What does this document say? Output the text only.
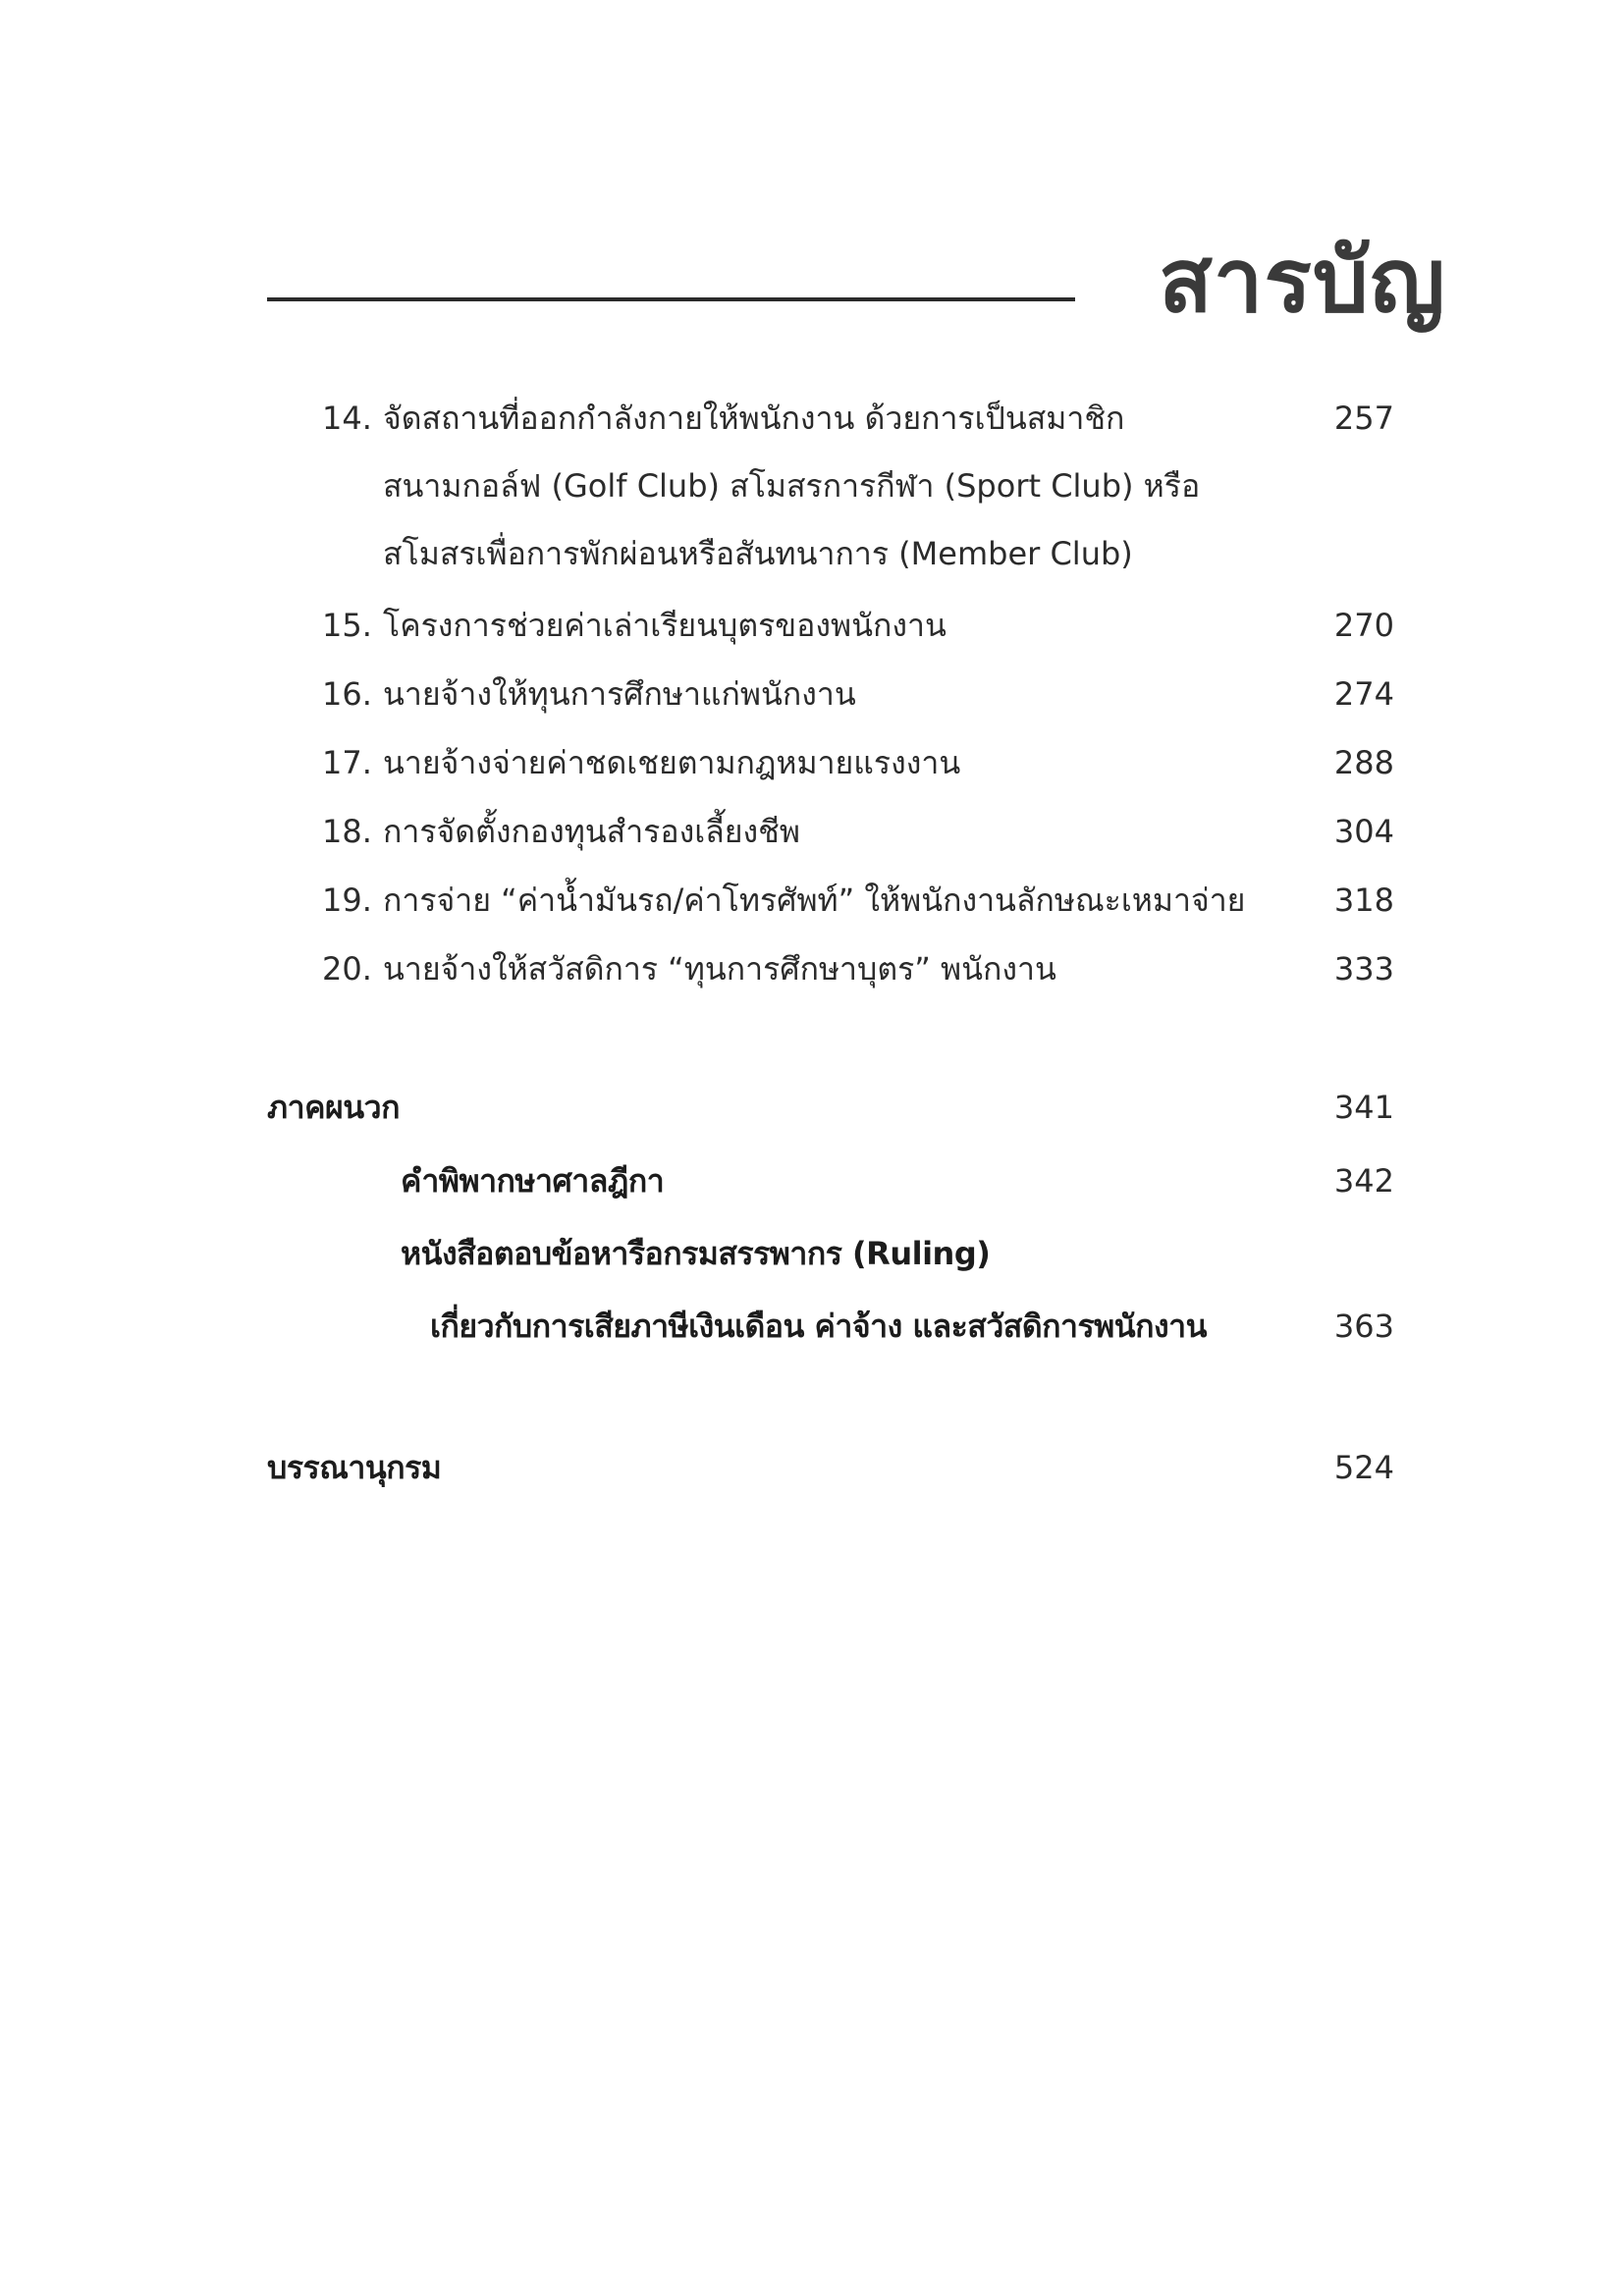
สารบัญ
14. จัดสถานที่ออกกำลังกายให้พนักงาน ด้วยการเป็นสมาชิก	257
สนามกอล์ฟ (Golf Club) สโมสรการกีฬา (Sport Club) หรือ
สโมสรเพื่อการพักผ่อนหรือสันทนาการ (Member Club)
15. โครงการช่วยค่าเล่าเรียนบุตรของพนักงาน	270
16. นายจ้างให้ทุนการศึกษาแก่พนักงาน	274
17. นายจ้างจ่ายค่าชดเชยตามกฎหมายแรงงาน	288
18. การจัดตั้งกองทุนสำรองเลี้ยงชีพ	304
19. การจ่าย “ค่าน้ำมันรถ/ค่าโทรศัพท์” ให้พนักงานลักษณะเหมาจ่าย	318
20. นายจ้างให้สวัสดิการ “ทุนการศึกษาบุตร” พนักงาน	333
ภาคผนวก	341
คำพิพากษาศาลฎีกา	342
หนังสือตอบข้อหารือกรมสรรพากร (Ruling)
เกี่ยวกับการเสียภาษีเงินเดือน ค่าจ้าง และสวัสดิการพนักงาน	363
บรรณานุกรม	524
